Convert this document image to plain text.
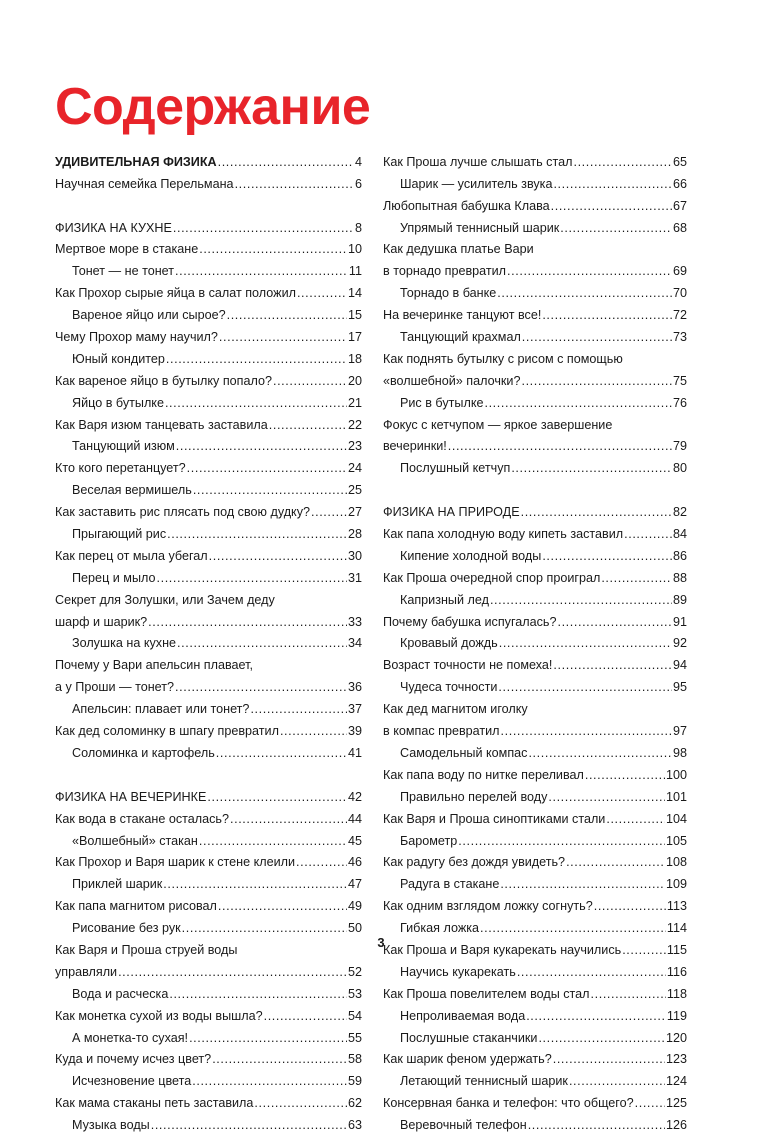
Содержание
УДИВИТЕЛЬНАЯ ФИЗИКА .....	4
Научная семейка Перельмана .....	6
ФИЗИКА НА КУХНЕ .....	8
Мертвое море в стакане .....	10
Тонет — не тонет .....	11
Как Прохор сырые яйца в салат положил .....	14
Вареное яйцо или сырое? .....	15
Чему Прохор маму научил? .....	17
Юный кондитер .....	18
Как вареное яйцо в бутылку попало? .....	20
Яйцо в бутылке .....	21
Как Варя изюм танцевать заставила .....	22
Танцующий изюм .....	23
Кто кого перетанцует? .....	24
Веселая вермишель .....	25
Как заставить рис плясать под свою дудку? .....	27
Прыгающий рис .....	28
Как перец от мыла убегал .....	30
Перец и мыло .....	31
Секрет для Золушки, или Зачем деду
шарф и шарик? .....	33
Золушка на кухне .....	34
Почему у Вари апельсин плавает,
а у Проши — тонет? .....	36
Апельсин: плавает или тонет? .....	37
Как дед соломинку в шпагу превратил .....	39
Соломинка и картофель .....	41
ФИЗИКА НА ВЕЧЕРИНКЕ .....	42
Как вода в стакане осталась? .....	44
«Волшебный» стакан .....	45
Как Прохор и Варя шарик к стене клеили .....	46
Приклей шарик .....	47
Как папа магнитом рисовал .....	49
Рисование без рук .....	50
Как Варя и Проша струей воды
управляли .....	52
Вода и расческа .....	53
Как монетка сухой из воды вышла? .....	54
А монетка-то сухая! .....	55
Куда и почему исчез цвет? .....	58
Исчезновение цвета .....	59
Как мама стаканы петь заставила .....	62
Музыка воды .....	63
Как Проша лучше слышать стал .....	65
Шарик — усилитель звука .....	66
Любопытная бабушка Клава .....	67
Упрямый теннисный шарик .....	68
Как дедушка платье Вари
в торнадо превратил .....	69
Торнадо в банке .....	70
На вечеринке танцуют все! .....	72
Танцующий крахмал .....	73
Как поднять бутылку с рисом с помощью
«волшебной» палочки? .....	75
Рис в бутылке .....	76
Фокус с кетчупом — яркое завершение
вечеринки! .....	79
Послушный кетчуп .....	80
ФИЗИКА НА ПРИРОДЕ .....	82
Как папа холодную воду кипеть заставил .....	84
Кипение холодной воды .....	86
Как Проша очередной спор проиграл .....	88
Капризный лед .....	89
Почему бабушка испугалась? .....	91
Кровавый дождь .....	92
Возраст точности не помеха! .....	94
Чудеса точности .....	95
Как дед магнитом иголку
в компас превратил .....	97
Самодельный компас .....	98
Как папа воду по нитке переливал .....	100
Правильно перелей воду .....	101
Как Варя и Проша синоптиками стали .....	104
Барометр .....	105
Как радугу без дождя увидеть? .....	108
Радуга в стакане .....	109
Как одним взглядом ложку согнуть? .....	113
Гибкая ложка .....	114
Как Проша и Варя кукарекать научились .....	115
Научись кукарекать .....	116
Как Проша повелителем воды стал .....	118
Непроливаемая вода .....	119
Послушные стаканчики .....	120
Как шарик феном удержать? .....	123
Летающий теннисный шарик .....	124
Консервная банка и телефон: что общего? .....	125
Веревочный телефон .....	126
3
